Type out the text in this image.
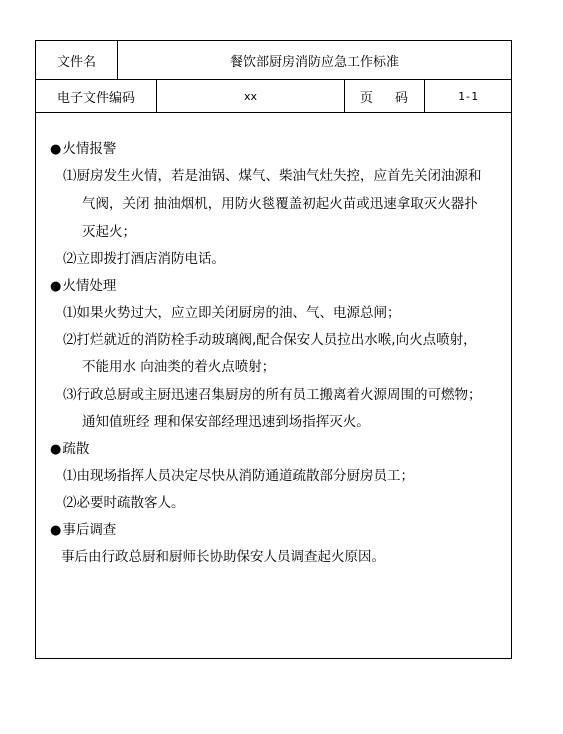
文件名	餐饮部厨房消防应急工作标准
电子文件编码	xx	页 码	1-1
●火情报警
⑴厨房发生火情，若是油锅、煤气、柴油气灶失控，应首先关闭油源和
气阀，关闭 抽油烟机，用防火毯覆盖初起火苗或迅速拿取灭火器扑
灭起火；
⑵立即拨打酒店消防电话。
●火情处理
⑴如果火势过大，应立即关闭厨房的油、气、电源总闸；
⑵打烂就近的消防栓手动玻璃阀,配合保安人员拉出水喉,向火点喷射，
不能用水 向油类的着火点喷射；
⑶行政总厨或主厨迅速召集厨房的所有员工搬离着火源周围的可燃物；
通知值班经 理和保安部经理迅速到场指挥灭火。
●疏散
⑴由现场指挥人员决定尽快从消防通道疏散部分厨房员工；
⑵必要时疏散客人。
●事后调查
事后由行政总厨和厨师长协助保安人员调查起火原因。
